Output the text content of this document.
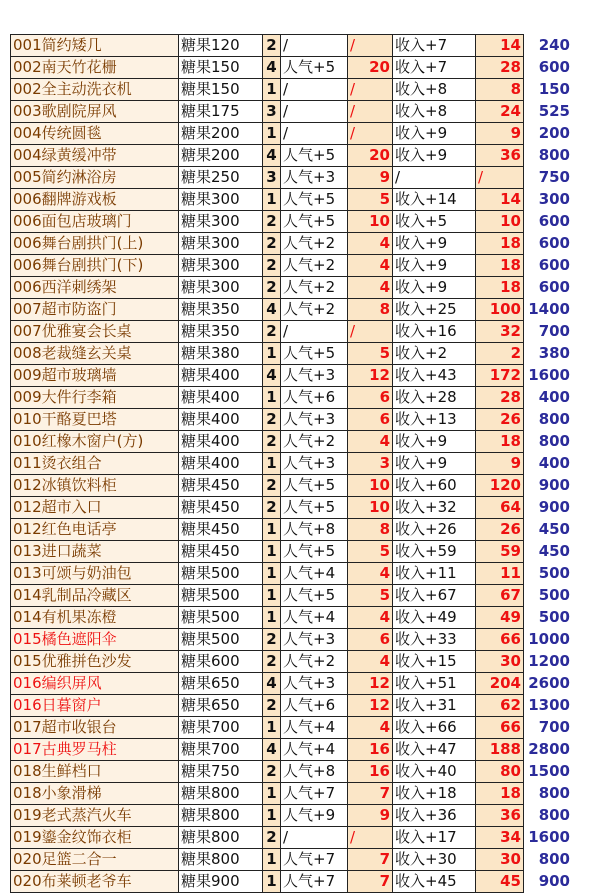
001简约矮几	糖果120	2	/	/	收入+7	14	240
002南天竹花栅	糖果150	4	人气+5	20	收入+7	28	600
002全主动洗衣机	糖果150	1	/	/	收入+8	8	150
003歌剧院屏风	糖果175	3	/	/	收入+8	24	525
004传统圆毯	糖果200	1	/	/	收入+9	9	200
004绿黄缓冲带	糖果200	4	人气+5	20	收入+9	36	800
005简约淋浴房	糖果250	3	人气+3	9	/	/	750
006翻牌游戏板	糖果300	1	人气+5	5	收入+14	14	300
006面包店玻璃门	糖果300	2	人气+5	10	收入+5	10	600
006舞台剧拱门(上)	糖果300	2	人气+2	4	收入+9	18	600
006舞台剧拱门(下)	糖果300	2	人气+2	4	收入+9	18	600
006西洋刺绣架	糖果300	2	人气+2	4	收入+9	18	600
007超市防盗门	糖果350	4	人气+2	8	收入+25	100	1400
007优雅宴会长桌	糖果350	2	/	/	收入+16	32	700
008老裁缝玄关桌	糖果380	1	人气+5	5	收入+2	2	380
009超市玻璃墙	糖果400	4	人气+3	12	收入+43	172	1600
009大件行李箱	糖果400	1	人气+6	6	收入+28	28	400
010干酪夏巴塔	糖果400	2	人气+3	6	收入+13	26	800
010红橡木窗户(方)	糖果400	2	人气+2	4	收入+9	18	800
011烫衣组合	糖果400	1	人气+3	3	收入+9	9	400
012冰镇饮料柜	糖果450	2	人气+5	10	收入+60	120	900
012超市入口	糖果450	2	人气+5	10	收入+32	64	900
012红色电话亭	糖果450	1	人气+8	8	收入+26	26	450
013进口蔬菜	糖果450	1	人气+5	5	收入+59	59	450
013可颂与奶油包	糖果500	1	人气+4	4	收入+11	11	500
014乳制品冷藏区	糖果500	1	人气+5	5	收入+67	67	500
014有机果冻橙	糖果500	1	人气+4	4	收入+49	49	500
015橘色遮阳伞	糖果500	2	人气+3	6	收入+33	66	1000
015优雅拼色沙发	糖果600	2	人气+2	4	收入+15	30	1200
016编织屏风	糖果650	4	人气+3	12	收入+51	204	2600
016日暮窗户	糖果650	2	人气+6	12	收入+31	62	1300
017超市收银台	糖果700	1	人气+4	4	收入+66	66	700
017古典罗马柱	糖果700	4	人气+4	16	收入+47	188	2800
018生鲜档口	糖果750	2	人气+8	16	收入+40	80	1500
018小象滑梯	糖果800	1	人气+7	7	收入+18	18	800
019老式蒸汽火车	糖果800	1	人气+9	9	收入+36	36	800
019鎏金纹饰衣柜	糖果800	2	/	/	收入+17	34	1600
020足篮二合一	糖果800	1	人气+7	7	收入+30	30	800
020布莱顿老爷车	糖果900	1	人气+7	7	收入+45	45	900
